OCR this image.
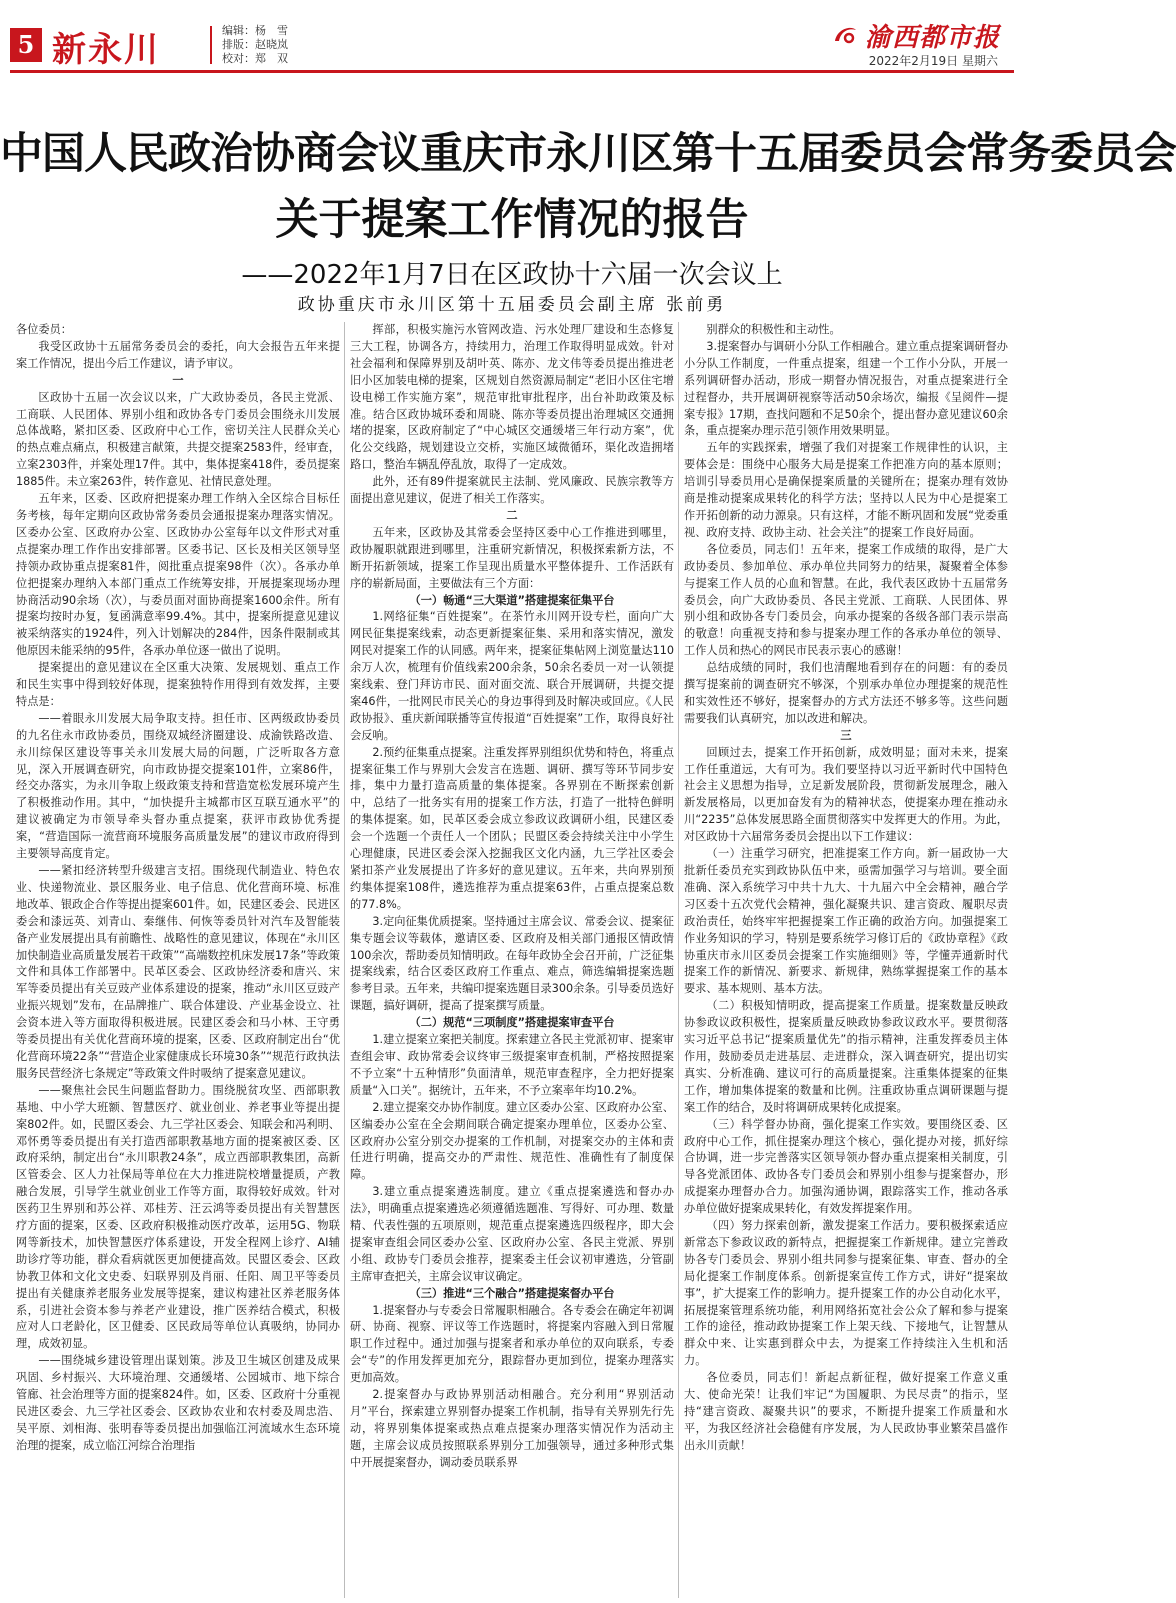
5 新永川	编辑：杨　雪
排版：赵晓岚
校对：郑　双
渝西都市报
2022年2月19日 星期六
中国人民政治协商会议重庆市永川区第十五届委员会常务委员会
关于提案工作情况的报告
——2022年1月7日在区政协十六届一次会议上
政协重庆市永川区第十五届委员会副主席 张前勇

各位委员：

我受区政协十五届常务委员会的委托，向大会报告五年来提案工作情况，提出今后工作建议，请予审议。

一

区政协十五届一次会议以来，广大政协委员，各民主党派、工商联、人民团体、界别小组和政协各专门委员会围绕永川发展总体战略，紧扣区委、区政府中心工作，密切关注人民群众关心的热点难点痛点，积极建言献策，共提交提案2583件，经审查，立案2303件，并案处理17件。其中，集体提案418件，委员提案1885件。未立案263件，转作意见、社情民意处理。

五年来，区委、区政府把提案办理工作纳入全区综合目标任务考核，每年定期向区政协常务委员会通报提案办理落实情况。区委办公室、区政府办公室、区政协办公室每年以文件形式对重点提案办理工作作出安排部署。区委书记、区长及相关区领导坚持领办政协重点提案81件，阅批重点提案98件（次）。各承办单位把提案办理纳入本部门重点工作统筹安排，开展提案现场办理协商活动90余场（次），与委员面对面协商提案1600余件。所有提案均按时办复，复函满意率99.4%。其中，提案所提意见建议被采纳落实的1924件，列入计划解决的284件，因条件限制或其他原因未能采纳的95件，各承办单位逐一做出了说明。

提案提出的意见建议在全区重大决策、发展规划、重点工作和民生实事中得到较好体现，提案独特作用得到有效发挥，主要特点是：

——着眼永川发展大局争取支持。担任市、区两级政协委员的九名住永市政协委员，围绕双城经济圈建设、成渝铁路改造、永川综保区建设等事关永川发展大局的问题，广泛听取各方意见，深入开展调查研究，向市政协提交提案101件，立案86件，经交办落实，为永川争取上级政策支持和营造宽松发展环境产生了积极推动作用。其中，“加快提升主城都市区互联互通水平”的建议被确定为市领导牵头督办重点提案，获评市政协优秀提案，“营造国际一流营商环境服务高质量发展”的建议市政府得到主要领导高度肯定。

——紧扣经济转型升级建言支招。围绕现代制造业、特色农业、快递物流业、景区服务业、电子信息、优化营商环境、标准地改革、银政企合作等提出提案601件。如，民建区委会、民进区委会和漆远英、刘青山、秦继伟、何恢等委员针对汽车及智能装备产业发展提出具有前瞻性、战略性的意见建议，体现在“永川区加快制造业高质量发展若干政策”“高端数控机床发展17条”等政策文件和具体工作部署中。民革区委会、区政协经济委和唐兴、宋军等委员提出有关豆豉产业体系建设的提案，推动“永川区豆豉产业振兴规划”发布，在品牌推广、联合体建设、产业基金设立、社会资本进入等方面取得积极进展。民建区委会和马小林、王守勇等委员提出有关优化营商环境的提案，区委、区政府制定出台“优化营商环境22条”“营造企业家健康成长环境30条”“规范行政执法服务民营经济七条规定”等政策文件时吸纳了提案意见建议。

——聚焦社会民生问题监督助力。围绕脱贫攻坚、西部职教基地、中小学大班额、智慧医疗、就业创业、养老事业等提出提案802件。如，民盟区委会、九三学社区委会、知联会和冯利明、邓怀勇等委员提出有关打造西部职教基地方面的提案被区委、区政府采纳，制定出台“永川职教24条”，成立西部职教集团，高新区管委会、区人力社保局等单位在大力推进院校增量提质，产教融合发展，引导学生就业创业工作等方面，取得较好成效。针对医药卫生界别和苏公祥、邓桂芳、汪云鸿等委员提出有关智慧医疗方面的提案，区委、区政府积极推动医疗改革，运用5G、物联网等新技术，加快智慧医疗体系建设，开发全程网上诊疗、AI辅助诊疗等功能，群众看病就医更加便捷高效。民盟区委会、区政协教卫体和文化文史委、妇联界别及肖丽、任阳、周卫平等委员提出有关健康养老服务业发展等提案，建议构建社区养老服务体系，引进社会资本参与养老产业建设，推广医养结合模式，积极应对人口老龄化，区卫健委、区民政局等单位认真吸纳，协同办理，成效初显。

——围绕城乡建设管理出谋划策。涉及卫生城区创建及成果巩固、乡村振兴、大环境治理、交通缓堵、公园城市、地下综合管廊、社会治理等方面的提案824件。如，区委、区政府十分重视民进区委会、九三学社区委会、区政协农业和农村委及周忠浩、吴平原、刘相海、张明春等委员提出加强临江河流域水生态环境治理的提案，成立临江河综合治理指

挥部，积极实施污水管网改造、污水处理厂建设和生态修复三大工程，协调各方，持续用力，治理工作取得明显成效。针对社会福利和保障界别及胡叶英、陈亦、龙文伟等委员提出推进老旧小区加装电梯的提案，区规划自然资源局制定“老旧小区住宅增设电梯工作实施方案”，规范审批审批程序，出台补助政策及标准。结合区政协城环委和周晓、陈亦等委员提出治理城区交通拥堵的提案，区政府制定了“中心城区交通缓堵三年行动方案”，优化公交线路，规划建设立交桥，实施区域微循环，渠化改造拥堵路口，整治车辆乱停乱放，取得了一定成效。

此外，还有89件提案就民主法制、党风廉政、民族宗教等方面提出意见建议，促进了相关工作落实。

二

五年来，区政协及其常委会坚持区委中心工作推进到哪里，政协履职就跟进到哪里，注重研究新情况，积极探索新方法，不断开拓新领域，提案工作呈现出质量水平整体提升、工作活跃有序的崭新局面，主要做法有三个方面：

（一）畅通“三大渠道”搭建提案征集平台

1.网络征集“百姓提案”。在茶竹永川网开设专栏，面向广大网民征集提案线索，动态更新提案征集、采用和落实情况，激发网民对提案工作的认同感。两年来，提案征集帖网上浏览量达110余万人次，梳理有价值线索200余条，50余名委员一对一认领提案线索、登门拜访市民、面对面交流、联合开展调研，共提交提案46件，一批网民市民关心的身边事得到及时解决或回应。《人民政协报》、重庆新闻联播等宣传报道“百姓提案”工作，取得良好社会反响。

2.预约征集重点提案。注重发挥界别组织优势和特色，将重点提案征集工作与界别大会发言在选题、调研、撰写等环节同步安排，集中力量打造高质量的集体提案。各界别在不断探索创新中，总结了一批务实有用的提案工作方法，打造了一批特色鲜明的集体提案。如，民革区委会成立参政议政调研小组，民建区委会一个选题一个责任人一个团队；民盟区委会持续关注中小学生心理健康，民进区委会深入挖掘我区文化内涵，九三学社区委会紧扣茶产业发展提出了许多好的意见建议。五年来，共向界别预约集体提案108件，遴选推荐为重点提案63件，占重点提案总数的77.8%。

3.定向征集优质提案。坚持通过主席会议、常委会议、提案征集专题会议等载体，邀请区委、区政府及相关部门通报区情政情100余次，帮助委员知情明政。在每年政协全会召开前，广泛征集提案线索，结合区委区政府工作重点、难点，筛选编辑提案选题参考目录。五年来，共编印提案选题目录300余条。引导委员选好课题，搞好调研，提高了提案撰写质量。

（二）规范“三项制度”搭建提案审查平台

1.建立提案立案把关制度。探索建立各民主党派初审、提案审查组会审、政协常委会议终审三级提案审查机制，严格按照提案不予立案“十五种情形”负面清单，规范审查程序，全力把好提案质量“入口关”。据统计，五年来，不予立案率年均10.2%。

2.建立提案交办协作制度。建立区委办公室、区政府办公室、区编委办公室在全会期间联合确定提案办理单位，区委办公室、区政府办公室分别交办提案的工作机制，对提案交办的主体和责任进行明确，提高交办的严肃性、规范性、准确性有了制度保障。

3.建立重点提案遴选制度。建立《重点提案遴选和督办办法》，明确重点提案遴选必须遵循选题准、写得好、可办理、数量精、代表性强的五项原则，规范重点提案遴选四级程序，即大会提案审查组会同区委办公室、区政府办公室、各民主党派、界别小组、政协专门委员会推荐，提案委主任会议初审遴选，分管副主席审查把关，主席会议审议确定。

（三）推进“三个融合”搭建提案督办平台

1.提案督办与专委会日常履职相融合。各专委会在确定年初调研、协商、视察、评议等工作选题时，将提案内容融入到日常履职工作过程中。通过加强与提案者和承办单位的双向联系，专委会“专”的作用发挥更加充分，跟踪督办更加到位，提案办理落实更加高效。

2.提案督办与政协界别活动相融合。充分利用“界别活动月”平台，探索建立界别督办提案工作机制，指导有关界别先行先动，将界别集体提案或热点难点提案办理落实情况作为活动主题，主席会议成员按照联系界别分工加强领导，通过多种形式集中开展提案督办，调动委员联系界

别群众的积极性和主动性。

3.提案督办与调研小分队工作相融合。建立重点提案调研督办小分队工作制度，一件重点提案，组建一个工作小分队，开展一系列调研督办活动，形成一期督办情况报告，对重点提案进行全过程督办，共开展调研视察等活动50余场次，编报《呈阅件—提案专报》17期，查找问题和不足50余个，提出督办意见建议60余条，重点提案办理示范引领作用效果明显。

五年的实践探索，增强了我们对提案工作规律性的认识，主要体会是：围绕中心服务大局是提案工作把准方向的基本原则；培训引导委员用心是确保提案质量的关键所在；提案办理有效协商是推动提案成果转化的科学方法；坚持以人民为中心是提案工作开拓创新的动力源泉。只有这样，才能不断巩固和发展“党委重视、政府支持、政协主动、社会关注”的提案工作良好局面。

各位委员，同志们！五年来，提案工作成绩的取得，是广大政协委员、参加单位、承办单位共同努力的结果，凝聚着全体参与提案工作人员的心血和智慧。在此，我代表区政协十五届常务委员会，向广大政协委员、各民主党派、工商联、人民团体、界别小组和政协各专门委员会，向承办提案的各级各部门表示崇高的敬意！向重视支持和参与提案办理工作的各承办单位的领导、工作人员和热心的网民市民表示衷心的感谢！

总结成绩的同时，我们也清醒地看到存在的问题：有的委员撰写提案前的调查研究不够深，个别承办单位办理提案的规范性和实效性还不够好，提案督办的方式方法还不够多等。这些问题需要我们认真研究，加以改进和解决。

三

回顾过去，提案工作开拓创新，成效明显；面对未来，提案工作任重道远，大有可为。我们要坚持以习近平新时代中国特色社会主义思想为指导，立足新发展阶段，贯彻新发展理念，融入新发展格局，以更加奋发有为的精神状态，使提案办理在推动永川“2235”总体发展思路全面贯彻落实中发挥更大的作用。为此，对区政协十六届常务委员会提出以下工作建议：

（一）注重学习研究，把准提案工作方向。新一届政协一大批新任委员充实到政协队伍中来，亟需加强学习与培训。要全面准确、深入系统学习中共十九大、十九届六中全会精神，融合学习区委十五次党代会精神，强化凝聚共识、建言资政、履职尽责政治责任，始终牢牢把握提案工作正确的政治方向。加强提案工作业务知识的学习，特别是要系统学习修订后的《政协章程》《政协重庆市永川区委员会提案工作实施细则》等，学懂弄通新时代提案工作的新情况、新要求、新规律，熟练掌握提案工作的基本要求、基本规则、基本方法。

（二）积极知情明政，提高提案工作质量。提案数量反映政协参政议政积极性，提案质量反映政协参政议政水平。要贯彻落实习近平总书记“提案质量优先”的指示精神，注重发挥委员主体作用，鼓励委员走进基层、走进群众，深入调查研究，提出切实真实、分析准确、建议可行的高质量提案。注重集体提案的征集工作，增加集体提案的数量和比例。注重政协重点调研课题与提案工作的结合，及时将调研成果转化成提案。

（三）科学督办协商，强化提案工作实效。要围绕区委、区政府中心工作，抓住提案办理这个核心，强化提办对接，抓好综合协调，进一步完善落实区领导领办督办重点提案相关制度，引导各党派团体、政协各专门委员会和界别小组参与提案督办，形成提案办理督办合力。加强沟通协调，跟踪落实工作，推动各承办单位做好提案成果转化，有效发挥提案作用。

（四）努力探索创新，激发提案工作活力。要积极探索适应新常态下参政议政的新特点，把握提案工作新规律。建立完善政协各专门委员会、界别小组共同参与提案征集、审查、督办的全局化提案工作制度体系。创新提案宣传工作方式，讲好“提案故事”，扩大提案工作的影响力。提升提案工作的办公自动化水平，拓展提案管理系统功能，利用网络拓宽社会公众了解和参与提案工作的途径，推动政协提案工作上架天线、下接地气，让智慧从群众中来、让实惠到群众中去，为提案工作持续注入生机和活力。

各位委员，同志们！新起点新征程，做好提案工作意义重大、使命光荣！让我们牢记“为国履职、为民尽责”的指示，坚持“建言资政、凝聚共识”的要求，不断提升提案工作质量和水平，为我区经济社会稳健有序发展，为人民政协事业繁荣昌盛作出永川贡献！
